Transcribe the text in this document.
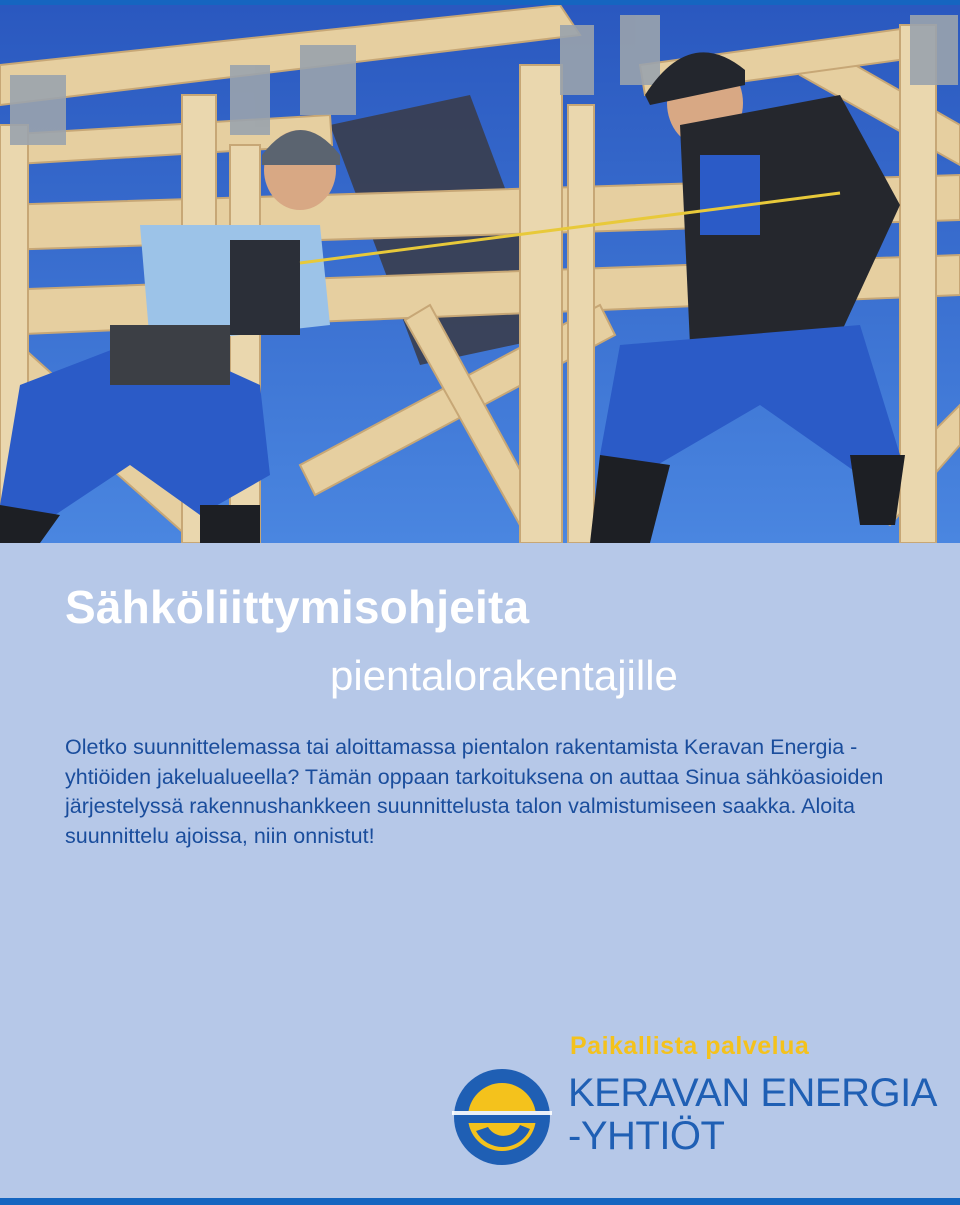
Sähköliittymisohjeita
pientalorakentajille

Oletko suunnittelemassa tai aloittamassa pientalon rakentamista Keravan Energia -yhtiöiden jakelualueella? Tämän oppaan tarkoituksena on auttaa Sinua sähköasioiden järjestelyssä rakennushankkeen suunnittelusta talon valmistumiseen saakka. Aloita suunnittelu ajoissa, niin onnistut!

Paikallista palvelua

KERAVAN ENERGIA

-YHTIÖT
